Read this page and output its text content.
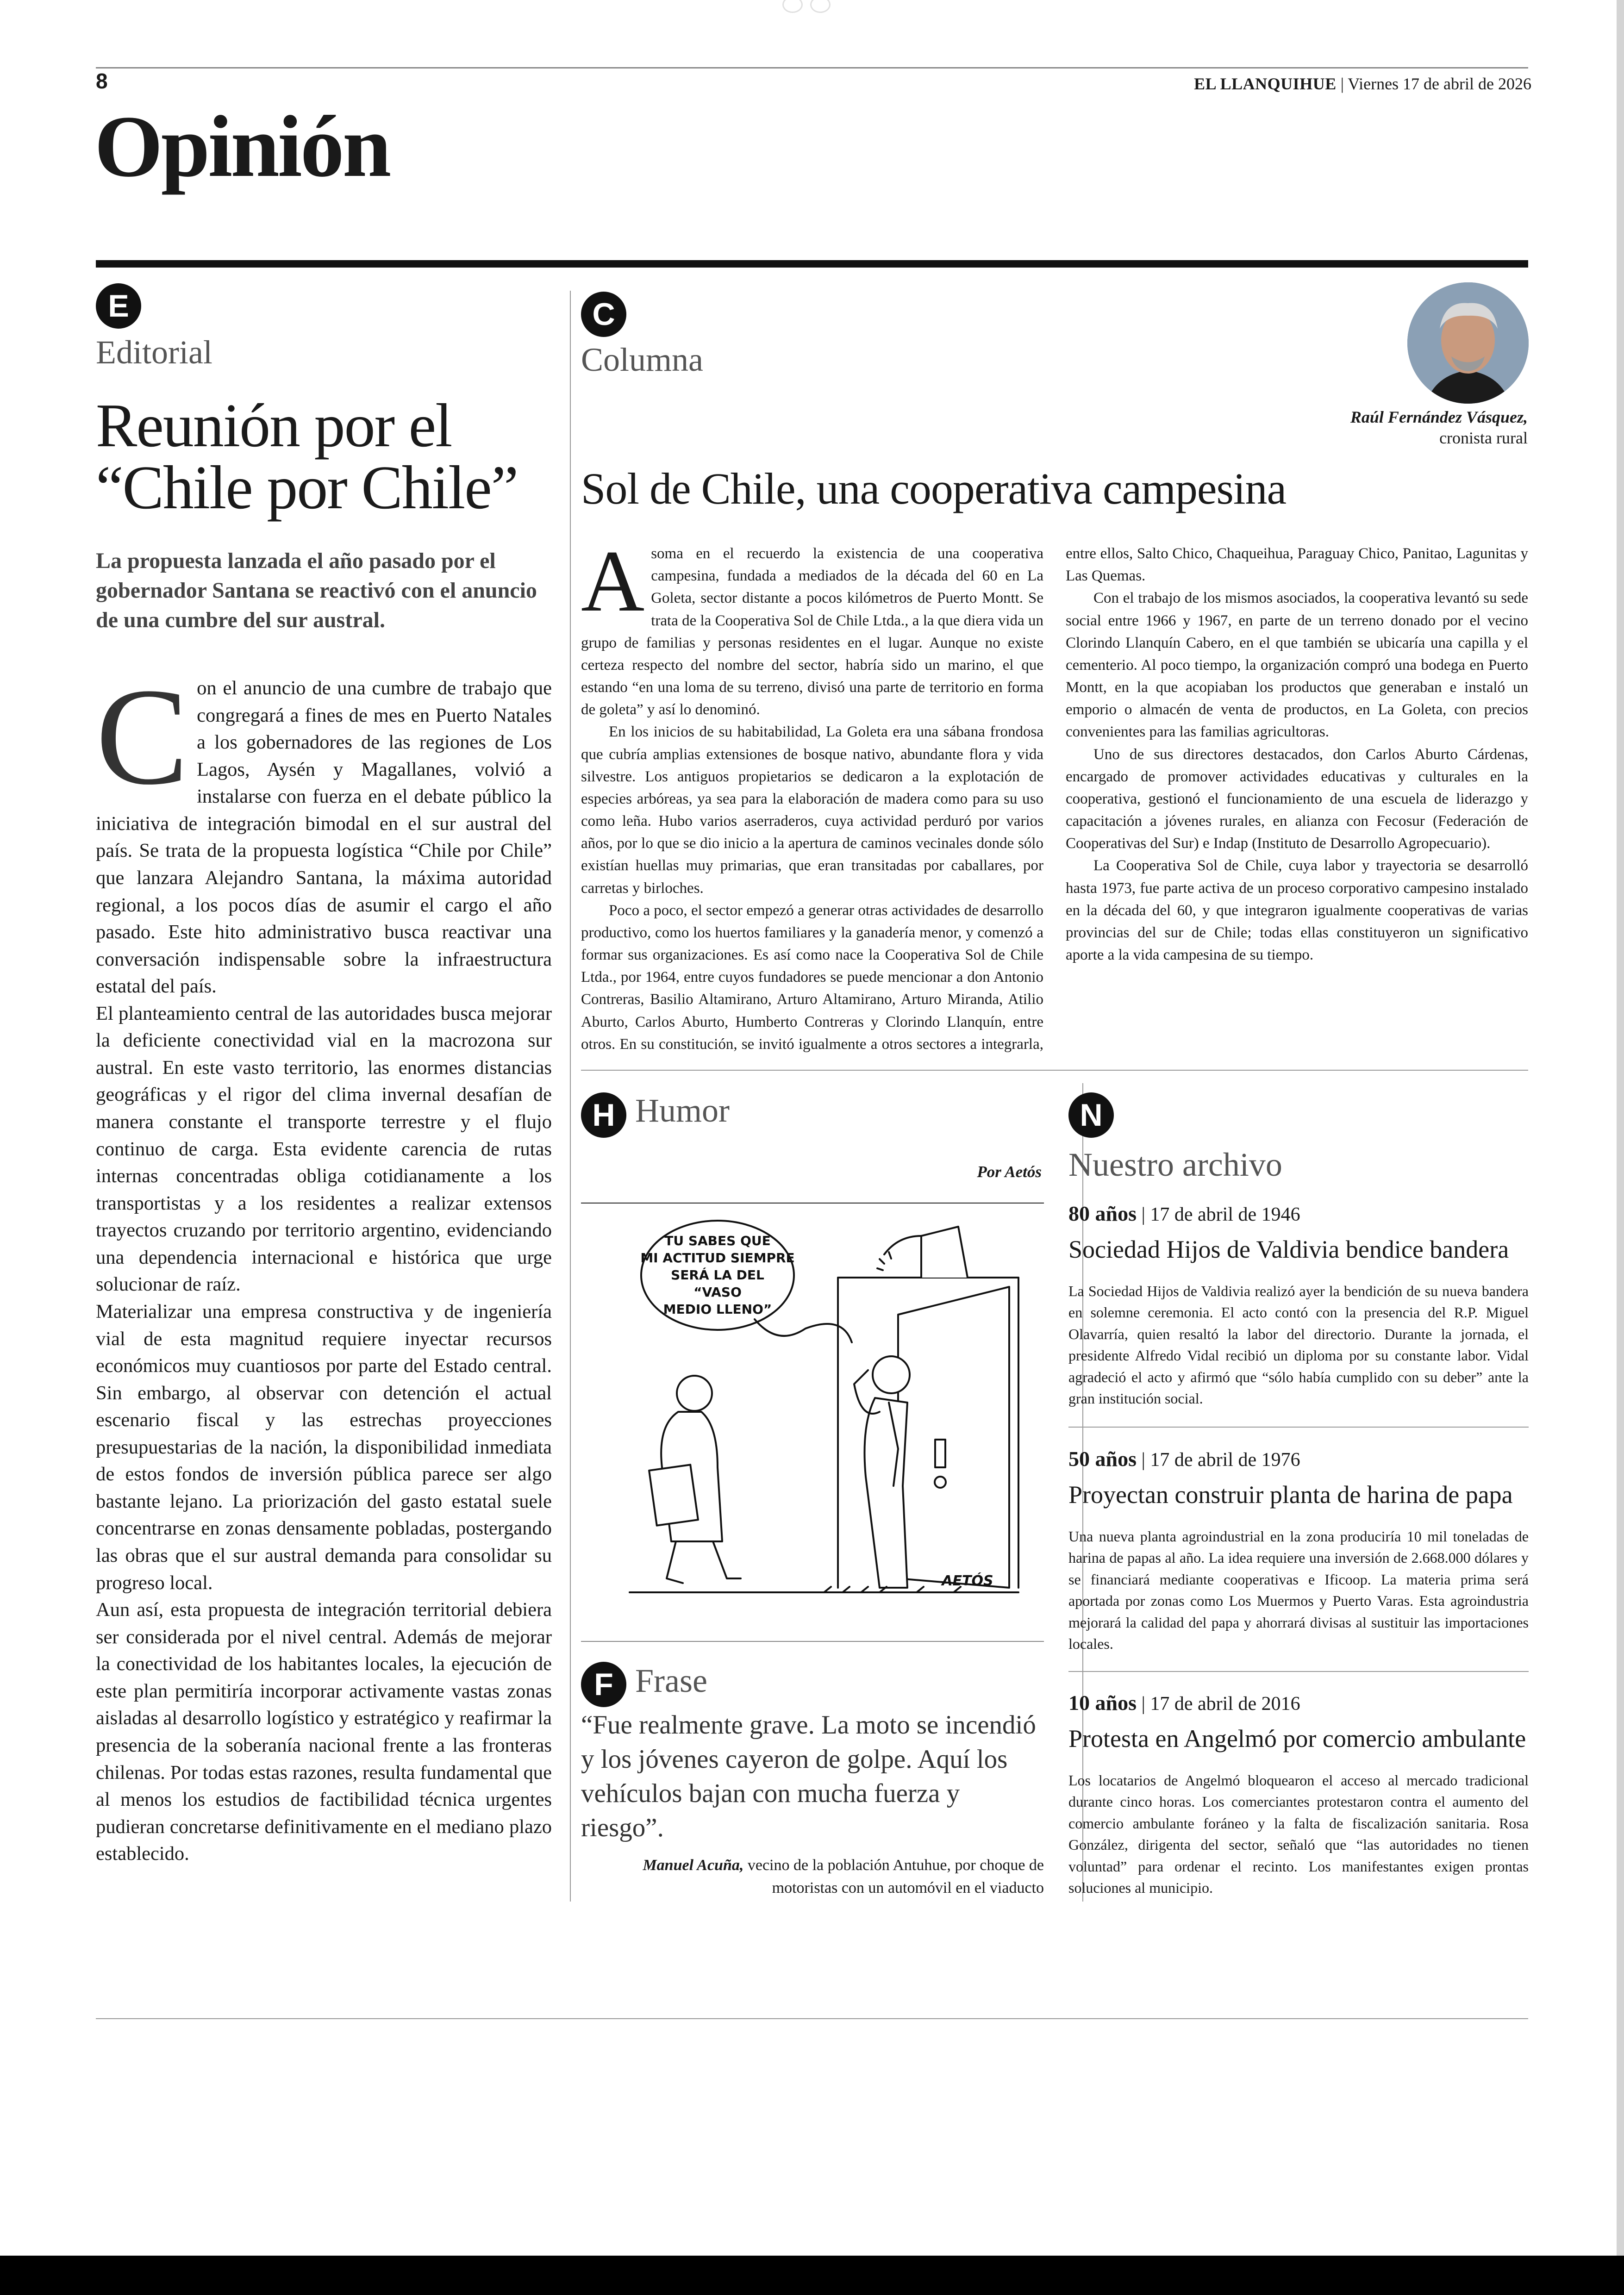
8	EL LLANQUIHUE | Viernes 17 de abril de 2026
Opinión
E
Editorial
Reunión por el “Chile por Chile”
La propuesta lanzada el año pasado por el gobernador Santana se reactivó con el anuncio de una cumbre del sur austral.

Con el anuncio de una cumbre de trabajo que congregará a fines de mes en Puerto Natales a los gobernadores de las regiones de Los Lagos, Aysén y Magallanes, volvió a instalarse con fuerza en el debate público la iniciativa de integración bimodal en el sur austral del país. Se trata de la propuesta logística “Chile por Chile” que lanzara Alejandro Santana, la máxima autoridad regional, a los pocos días de asumir el cargo el año pasado. Este hito administrativo busca reactivar una conversación indispensable sobre la infraestructura estatal del país.

El planteamiento central de las autoridades busca mejorar la deficiente conectividad vial en la macrozona sur austral. En este vasto territorio, las enormes distancias geográficas y el rigor del clima invernal desafían de manera constante el transporte terrestre y el flujo continuo de carga. Esta evidente carencia de rutas internas concentradas obliga cotidianamente a los transportistas y a los residentes a realizar extensos trayectos cruzando por territorio argentino, evidenciando una dependencia internacional e histórica que urge solucionar de raíz.

Materializar una empresa constructiva y de ingeniería vial de esta magnitud requiere inyectar recursos económicos muy cuantiosos por parte del Estado central. Sin embargo, al observar con detención el actual escenario fiscal y las estrechas proyecciones presupuestarias de la nación, la disponibilidad inmediata de estos fondos de inversión pública parece ser algo bastante lejano. La priorización del gasto estatal suele concentrarse en zonas densamente pobladas, postergando las obras que el sur austral demanda para consolidar su progreso local.

Aun así, esta propuesta de integración territorial debiera ser considerada por el nivel central. Además de mejorar la conectividad de los habitantes locales, la ejecución de este plan permitiría incorporar activamente vastas zonas aisladas al desarrollo logístico y estratégico y reafirmar la presencia de la soberanía nacional frente a las fronteras chilenas. Por todas estas razones, resulta fundamental que al menos los estudios de factibilidad técnica urgentes pudieran concretarse definitivamente en el mediano plazo establecido.

C
Columna
Raúl Fernández Vásquez,
cronista rural
Sol de Chile, una cooperativa campesina

Asoma en el recuerdo la existencia de una cooperativa campesina, fundada a mediados de la década del 60 en La Goleta, sector distante a pocos kilómetros de Puerto Montt. Se trata de la Cooperativa Sol de Chile Ltda., a la que diera vida un grupo de familias y personas residentes en el lugar. Aunque no existe certeza respecto del nombre del sector, habría sido un marino, el que estando “en una loma de su terreno, divisó una parte de territorio en forma de goleta” y así lo denominó.

En los inicios de su habitabilidad, La Goleta era una sábana frondosa que cubría amplias extensiones de bosque nativo, abundante flora y vida silvestre. Los antiguos propietarios se dedicaron a la explotación de especies arbóreas, ya sea para la elaboración de madera como para su uso como leña. Hubo varios aserraderos, cuya actividad perduró por varios años, por lo que se dio inicio a la apertura de caminos vecinales donde sólo existían huellas muy primarias, que eran transitadas por caballares, por carretas y birloches.

Poco a poco, el sector empezó a generar otras actividades de desarrollo productivo, como los huertos familiares y la ganadería menor, y comenzó a formar sus organizaciones. Es así como nace la Cooperativa Sol de Chile Ltda., por 1964, entre cuyos fundadores se puede mencionar a don Antonio Contreras, Basilio Altamirano, Arturo Altamirano, Arturo Miranda, Atilio Aburto, Carlos Aburto, Humberto Contreras y Clorindo Llanquín, entre otros. En su constitución, se invitó igualmente a otros sectores a integrarla, entre ellos, Salto Chico, Chaqueihua, Paraguay Chico, Panitao, Lagunitas y Las Quemas.

Con el trabajo de los mismos asociados, la cooperativa levantó su sede social entre 1966 y 1967, en parte de un terreno donado por el vecino Clorindo Llanquín Cabero, en el que también se ubicaría una capilla y el cementerio. Al poco tiempo, la organización compró una bodega en Puerto Montt, en la que acopiaban los productos que generaban e instaló un emporio o almacén de venta de productos, en La Goleta, con precios convenientes para las familias agricultoras.

Uno de sus directores destacados, don Carlos Aburto Cárdenas, encargado de promover actividades educativas y culturales en la cooperativa, gestionó el funcionamiento de una escuela de liderazgo y capacitación a jóvenes rurales, en alianza con Fecosur (Federación de Cooperativas del Sur) e Indap (Instituto de Desarrollo Agropecuario).

La Cooperativa Sol de Chile, cuya labor y trayectoria se desarrolló hasta 1973, fue parte activa de un proceso corporativo campesino instalado en la década del 60, y que integraron igualmente cooperativas de varias provincias del sur de Chile; todas ellas constituyeron un significativo aporte a la vida campesina de su tiempo.

H Humor
Por Aetós
TU SABES QUE
MI ACTITUD SIEMPRE
SERÁ LA DEL
“VASO
MEDIO LLENO”
AETÓS
F Frase
“Fue realmente grave. La moto se incendió y los jóvenes cayeron de golpe. Aquí los vehículos bajan con mucha fuerza y riesgo”.
Manuel Acuña, vecino de la población Antuhue, por choque de motoristas con un automóvil en el viaducto
N
Nuestro archivo
80 años | 17 de abril de 1946
Sociedad Hijos de Valdivia bendice bandera
La Sociedad Hijos de Valdivia realizó ayer la bendición de su nueva bandera en solemne ceremonia. El acto contó con la presencia del R.P. Miguel Olavarría, quien resaltó la labor del directorio. Durante la jornada, el presidente Alfredo Vidal recibió un diploma por su constante labor. Vidal agradeció el acto y afirmó que “sólo había cumplido con su deber” ante la gran institución social.
50 años | 17 de abril de 1976
Proyectan construir planta de harina de papa
Una nueva planta agroindustrial en la zona produciría 10 mil toneladas de harina de papas al año. La idea requiere una inversión de 2.668.000 dólares y se financiará mediante cooperativas e Ificoop. La materia prima será aportada por zonas como Los Muermos y Puerto Varas. Esta agroindustria mejorará la calidad del papa y ahorrará divisas al sustituir las importaciones locales.
10 años | 17 de abril de 2016
Protesta en Angelmó por comercio ambulante
Los locatarios de Angelmó bloquearon el acceso al mercado tradicional durante cinco horas. Los comerciantes protestaron contra el aumento del comercio ambulante foráneo y la falta de fiscalización sanitaria. Rosa González, dirigenta del sector, señaló que “las autoridades no tienen voluntad” para ordenar el recinto. Los manifestantes exigen prontas soluciones al municipio.
